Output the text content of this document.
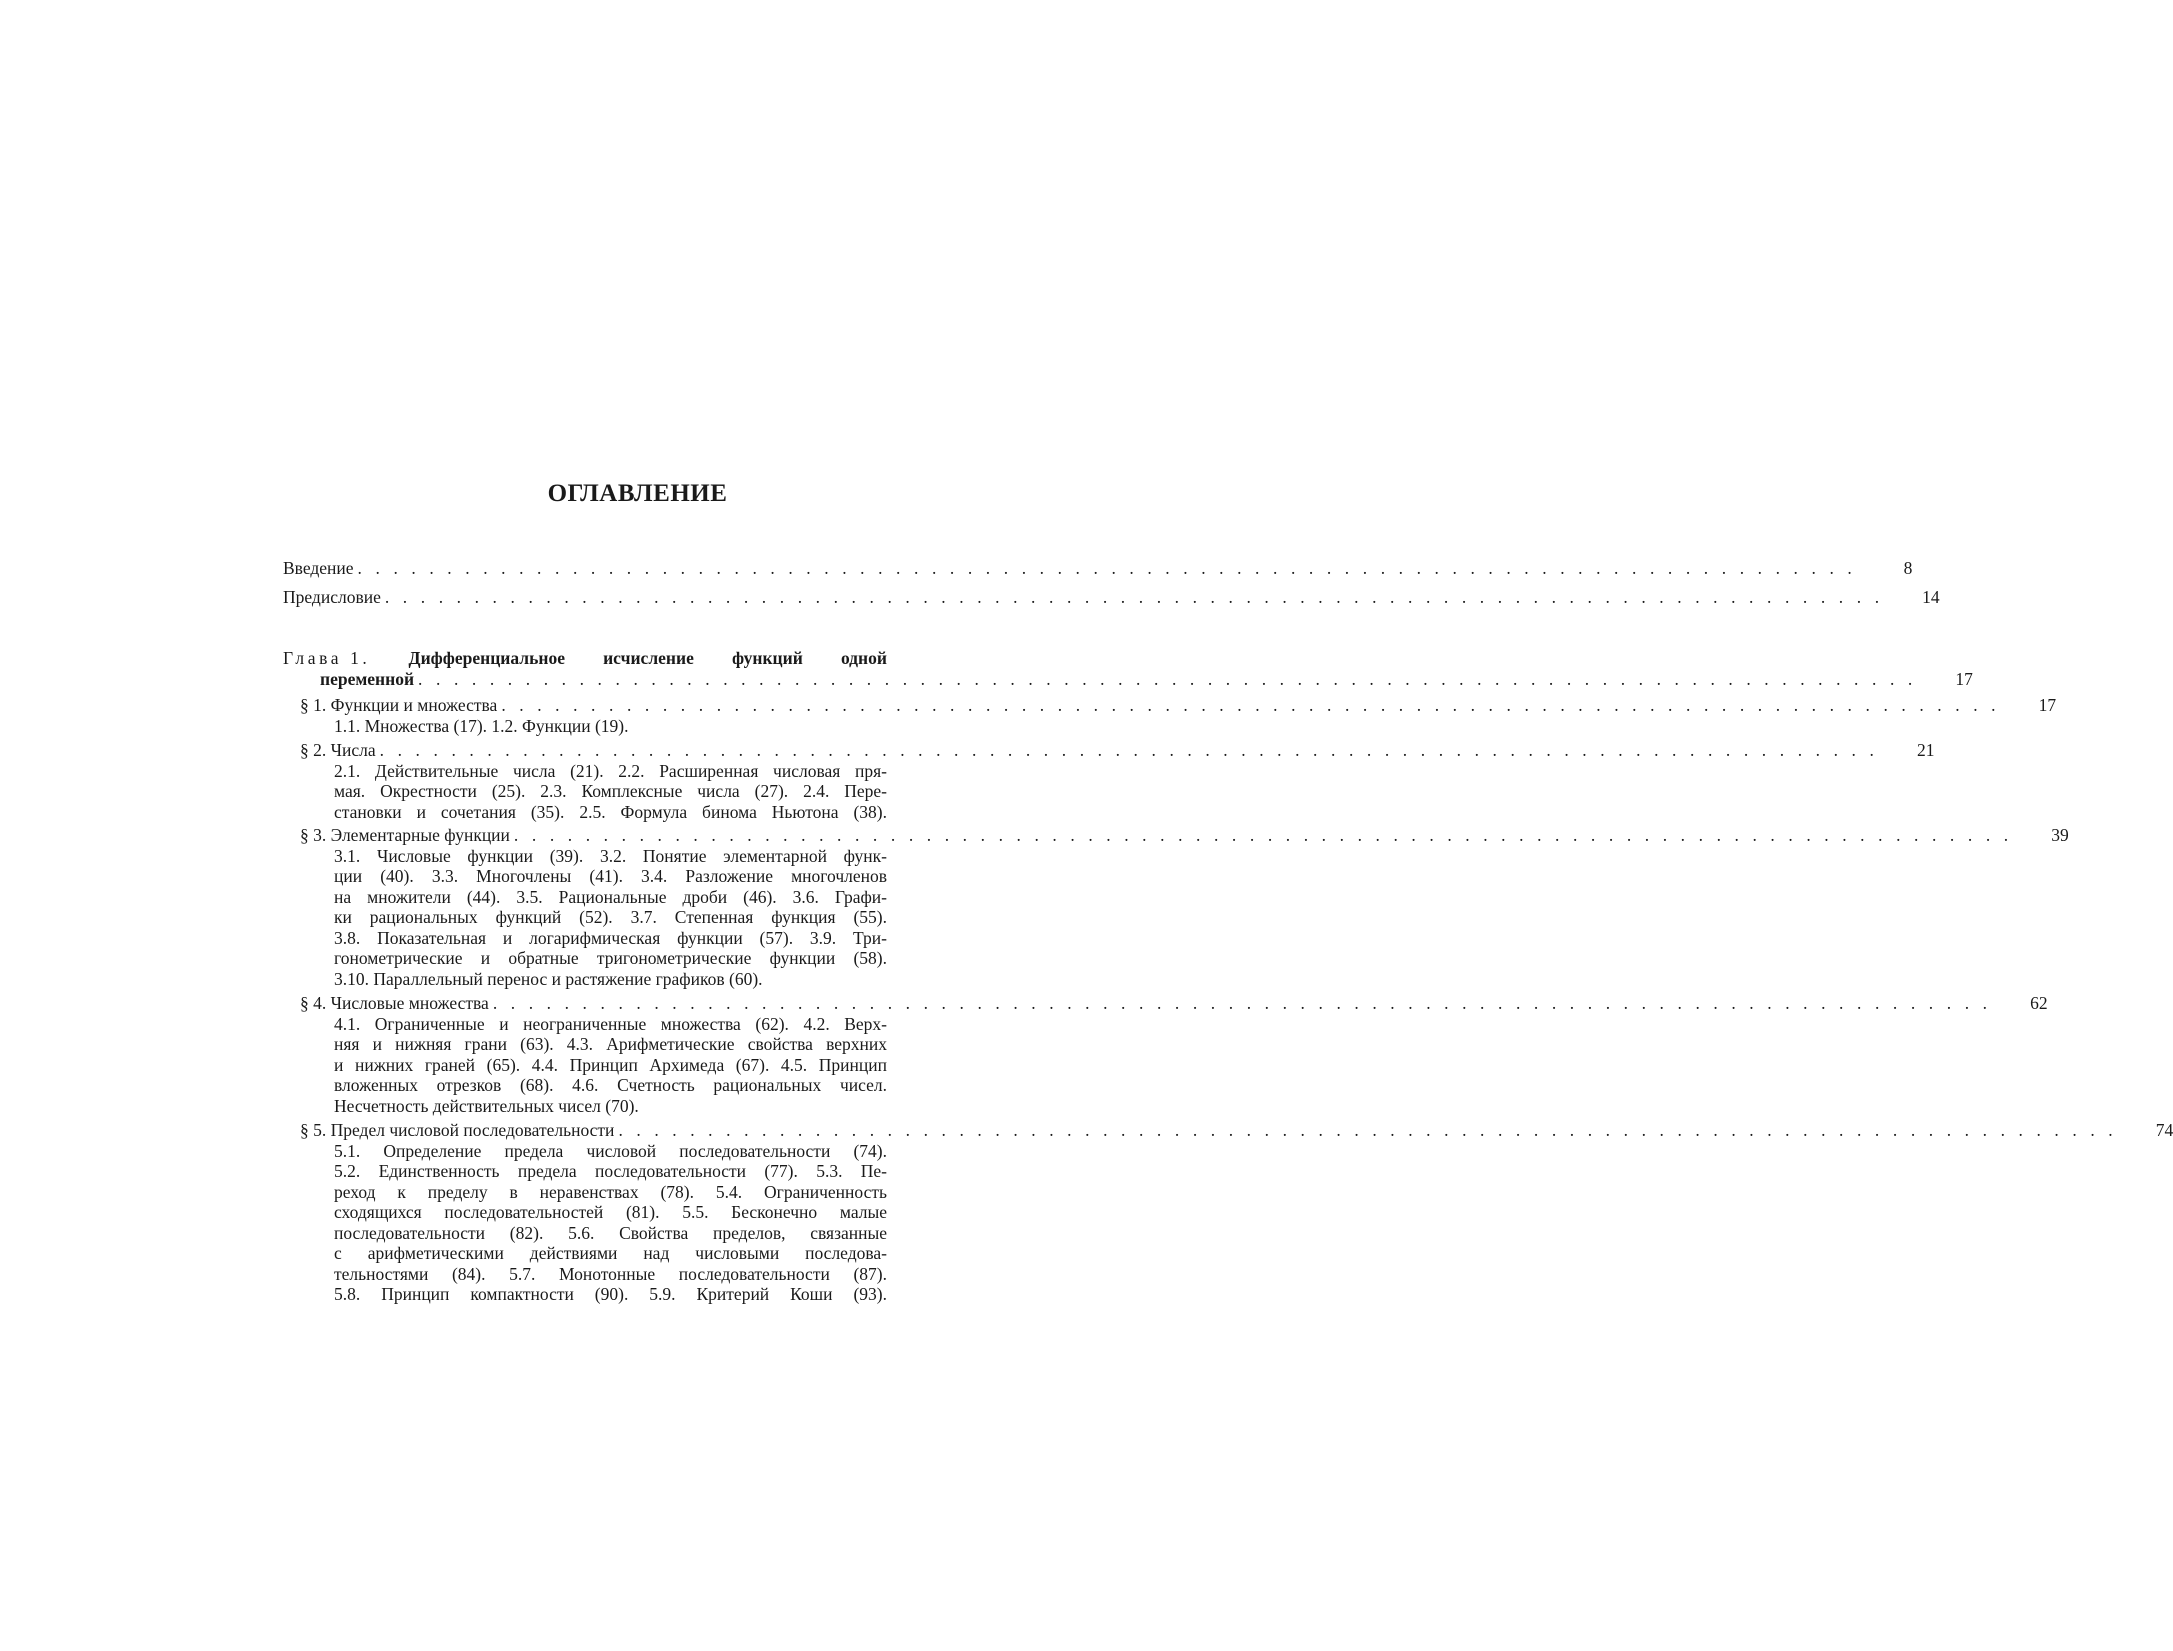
ОГЛАВЛЕНИЕ
Введение . . . . . . . . . . . . . . . . . . . . . . . . . . . . . . . . . . . . . . . . . . . . . . . . . . . . . . . . . . . . . . . . . . . . . . . . . . . . . . . . . . . .	8
Предисловие . . . . . . . . . . . . . . . . . . . . . . . . . . . . . . . . . . . . . . . . . . . . . . . . . . . . . . . . . . . . . . . . . . . . . . . . . . . . . . . . . . . .	14
Глава 1. Дифференциальное исчисление функций одной
переменной . . . . . . . . . . . . . . . . . . . . . . . . . . . . . . . . . . . . . . . . . . . . . . . . . . . . . . . . . . . . . . . . . . . . . . . . . . . . . . . . . . . .	17
§ 1. Функции и множества . . . . . . . . . . . . . . . . . . . . . . . . . . . . . . . . . . . . . . . . . . . . . . . . . . . . . . . . . . . . . . . . . . . . . . . . . . . . . . . . . . . .	17
1.1. Множества (17). 1.2. Функции (19).
§ 2. Числа . . . . . . . . . . . . . . . . . . . . . . . . . . . . . . . . . . . . . . . . . . . . . . . . . . . . . . . . . . . . . . . . . . . . . . . . . . . . . . . . . . . .	21
2.1. Действительные числа (21). 2.2. Расширенная числовая пря-
мая. Окрестности (25). 2.3. Комплексные числа (27). 2.4. Пере-
становки и сочетания (35). 2.5. Формула бинома Ньютона (38).
§ 3. Элементарные функции . . . . . . . . . . . . . . . . . . . . . . . . . . . . . . . . . . . . . . . . . . . . . . . . . . . . . . . . . . . . . . . . . . . . . . . . . . . . . . . . . . . .	39
3.1. Числовые функции (39). 3.2. Понятие элементарной функ-
ции (40). 3.3. Многочлены (41). 3.4. Разложение многочленов
на множители (44). 3.5. Рациональные дроби (46). 3.6. Графи-
ки рациональных функций (52). 3.7. Степенная функция (55).
3.8. Показательная и логарифмическая функции (57). 3.9. Три-
гонометрические и обратные тригонометрические функции (58).
3.10. Параллельный перенос и растяжение графиков (60).
§ 4. Числовые множества . . . . . . . . . . . . . . . . . . . . . . . . . . . . . . . . . . . . . . . . . . . . . . . . . . . . . . . . . . . . . . . . . . . . . . . . . . . . . . . . . . . .	62
4.1. Ограниченные и неограниченные множества (62). 4.2. Верх-
няя и нижняя грани (63). 4.3. Арифметические свойства верхних
и нижних граней (65). 4.4. Принцип Архимеда (67). 4.5. Принцип
вложенных отрезков (68). 4.6. Счетность рациональных чисел.
Несчетность действительных чисел (70).
§ 5. Предел числовой последовательности . . . . . . . . . . . . . . . . . . . . . . . . . . . . . . . . . . . . . . . . . . . . . . . . . . . . . . . . . . . . . . . . . . . . . . . . . . . . . . . . . . . .	74
5.1. Определение предела числовой последовательности (74).
5.2. Единственность предела последовательности (77). 5.3. Пе-
реход к пределу в неравенствах (78). 5.4. Ограниченность
сходящихся последовательностей (81). 5.5. Бесконечно малые
последовательности (82). 5.6. Свойства пределов, связанные
с арифметическими действиями над числовыми последова-
тельностями (84). 5.7. Монотонные последовательности (87).
5.8. Принцип компактности (90). 5.9. Критерий Коши (93).
